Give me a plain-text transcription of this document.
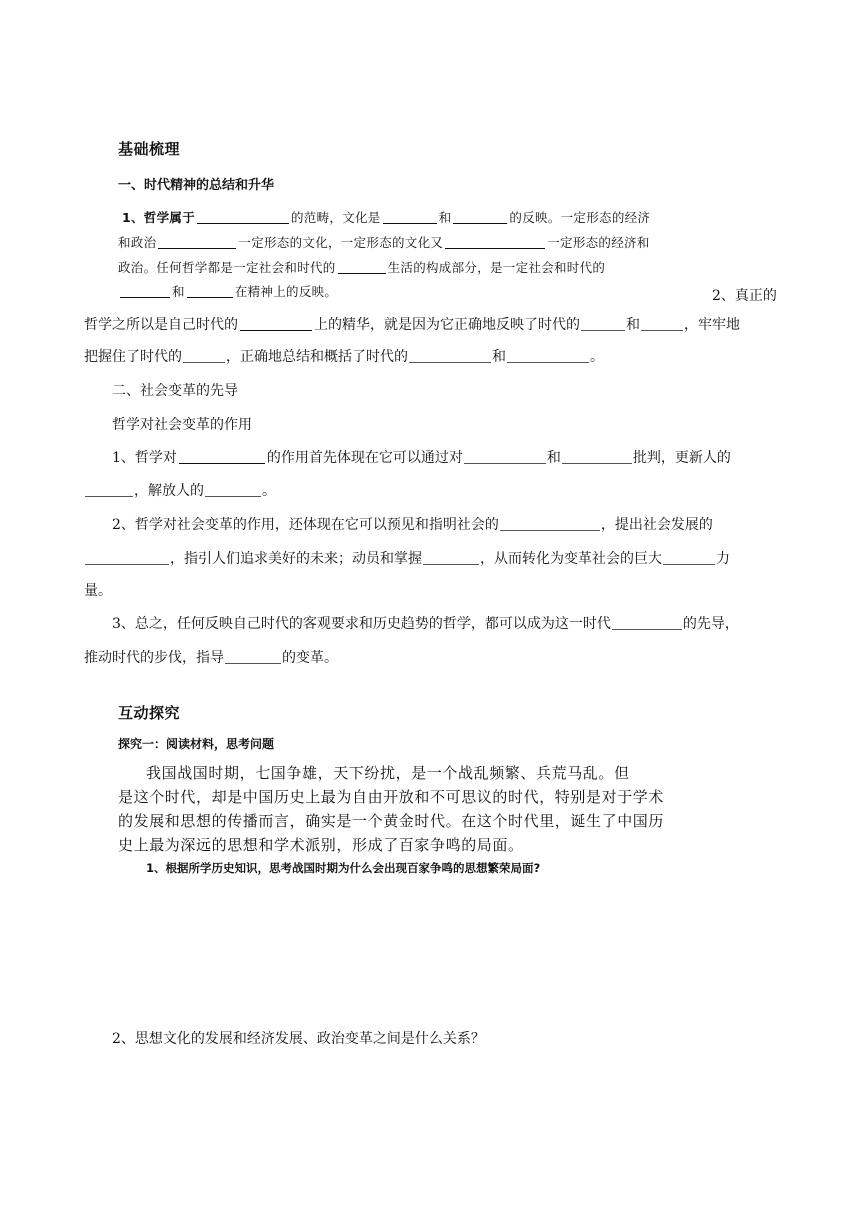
基础梳理
一、时代精神的总结和升华
1、哲学属于	的范畴，文化是	和	的反映。一定形态的经济
和政治	一定形态的文化，一定形态的文化又	一定形态的经济和
政治。任何哲学都是一定社会和时代的	生活的构成部分，是一定社会和时代的
和	在精神上的反映。	2、真正的
哲学之所以是自己时代的	上的精华，就是因为它正确地反映了时代的	和	，牢牢地
把握住了时代的	，正确地总结和概括了时代的	和	。
二、社会变革的先导
哲学对社会变革的作用
1、哲学对	的作用首先体现在它可以通过对	和	批判，更新人的
，解放人的	。
2、哲学对社会变革的作用，还体现在它可以预见和指明社会的	，提出社会发展的
，指引人们追求美好的未来；动员和掌握	，从而转化为变革社会的巨大	力
量。
3、总之，任何反映自己时代的客观要求和历史趋势的哲学，都可以成为这一时代	的先导，
推动时代的步伐，指导	的变革。
互动探究
探究一：阅读材料，思考问题
我国战国时期，七国争雄，天下纷扰，是一个战乱频繁、兵荒马乱。但
是这个时代，却是中国历史上最为自由开放和不可思议的时代，特别是对于学术
的发展和思想的传播而言，确实是一个黄金时代。在这个时代里，诞生了中国历
史上最为深远的思想和学术派别，形成了百家争鸣的局面。
1、根据所学历史知识，思考战国时期为什么会出现百家争鸣的思想繁荣局面?
2、思想文化的发展和经济发展、政治变革之间是什么关系？
